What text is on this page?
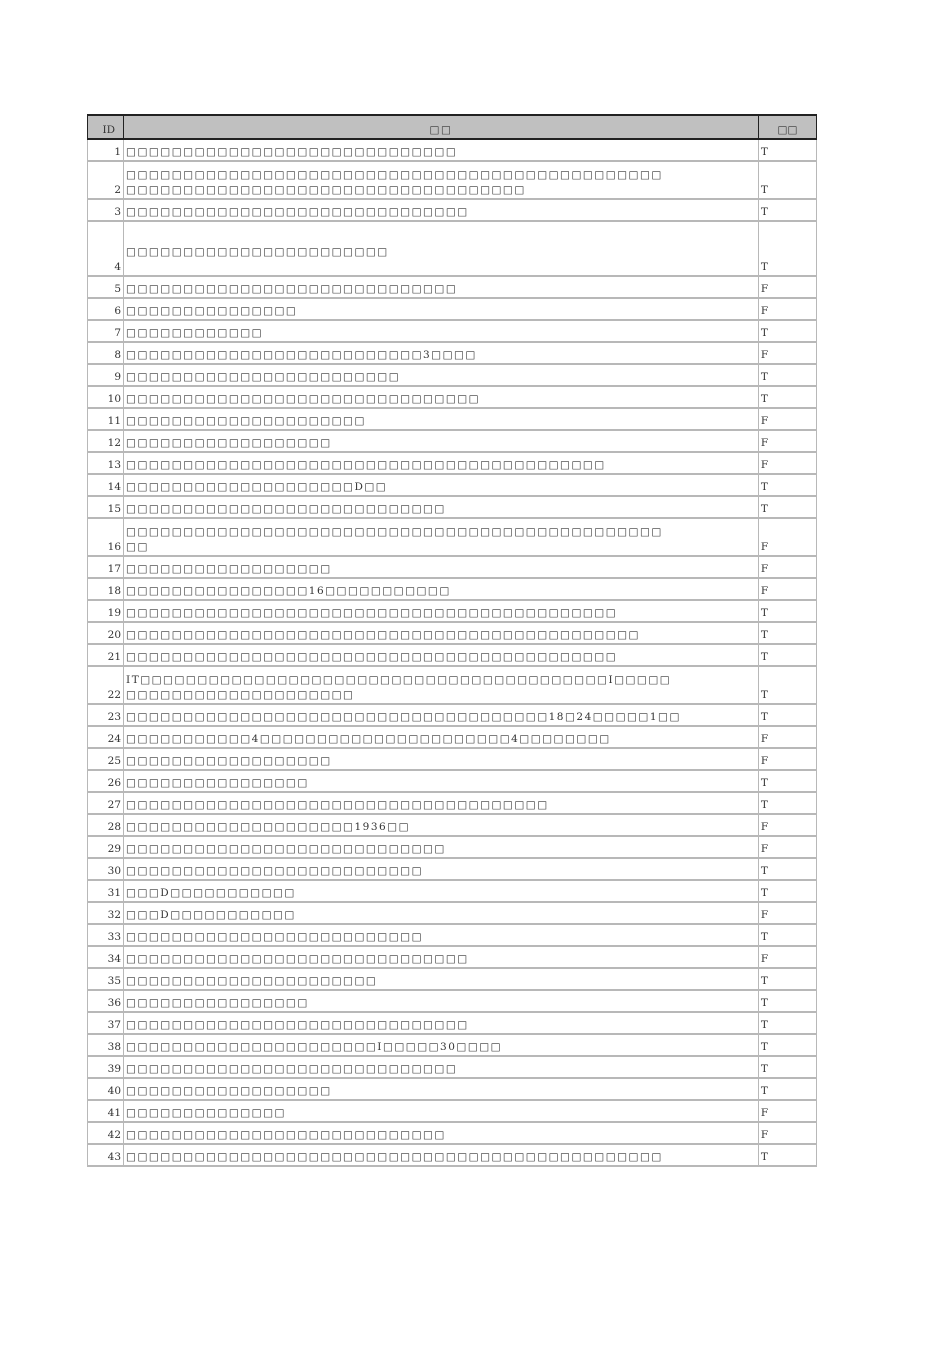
ID	□□	□□
1	□□□□□□□□□□□□□□□□□□□□□□□□□□□□□	T
2	□□□□□□□□□□□□□□□□□□□□□□□□□□□□□□□□□□□□□□□□□□□□□□□
□□□□□□□□□□□□□□□□□□□□□□□□□□□□□□□□□□□	T
3	□□□□□□□□□□□□□□□□□□□□□□□□□□□□□□	T
4	□□□□□□□□□□□□□□□□□□□□□□□	T
5	□□□□□□□□□□□□□□□□□□□□□□□□□□□□□	F
6	□□□□□□□□□□□□□□□	F
7	□□□□□□□□□□□□	T
8	□□□□□□□□□□□□□□□□□□□□□□□□□□3□□□□	F
9	□□□□□□□□□□□□□□□□□□□□□□□□	T
10	□□□□□□□□□□□□□□□□□□□□□□□□□□□□□□□	T
11	□□□□□□□□□□□□□□□□□□□□□	F
12	□□□□□□□□□□□□□□□□□□	F
13	□□□□□□□□□□□□□□□□□□□□□□□□□□□□□□□□□□□□□□□□□□	F
14	□□□□□□□□□□□□□□□□□□□□D□□	T
15	□□□□□□□□□□□□□□□□□□□□□□□□□□□□	T
16	□□□□□□□□□□□□□□□□□□□□□□□□□□□□□□□□□□□□□□□□□□□□□□□
□□	F
17	□□□□□□□□□□□□□□□□□□	F
18	□□□□□□□□□□□□□□□□16□□□□□□□□□□□	F
19	□□□□□□□□□□□□□□□□□□□□□□□□□□□□□□□□□□□□□□□□□□□	T
20	□□□□□□□□□□□□□□□□□□□□□□□□□□□□□□□□□□□□□□□□□□□□□	T
21	□□□□□□□□□□□□□□□□□□□□□□□□□□□□□□□□□□□□□□□□□□□	T
22	IT□□□□□□□□□□□□□□□□□□□□□□□□□□□□□□□□□□□□□□□□□I□□□□□
□□□□□□□□□□□□□□□□□□□□	T
23	□□□□□□□□□□□□□□□□□□□□□□□□□□□□□□□□□□□□□18□24□□□□□1□□	T
24	□□□□□□□□□□□4□□□□□□□□□□□□□□□□□□□□□□4□□□□□□□□	F
25	□□□□□□□□□□□□□□□□□□	F
26	□□□□□□□□□□□□□□□□	T
27	□□□□□□□□□□□□□□□□□□□□□□□□□□□□□□□□□□□□□	T
28	□□□□□□□□□□□□□□□□□□□□1936□□	F
29	□□□□□□□□□□□□□□□□□□□□□□□□□□□□	F
30	□□□□□□□□□□□□□□□□□□□□□□□□□□	T
31	□□□D□□□□□□□□□□□	T
32	□□□D□□□□□□□□□□□	F
33	□□□□□□□□□□□□□□□□□□□□□□□□□□	T
34	□□□□□□□□□□□□□□□□□□□□□□□□□□□□□□	F
35	□□□□□□□□□□□□□□□□□□□□□□	T
36	□□□□□□□□□□□□□□□□	T
37	□□□□□□□□□□□□□□□□□□□□□□□□□□□□□□	T
38	□□□□□□□□□□□□□□□□□□□□□□I□□□□□30□□□□	T
39	□□□□□□□□□□□□□□□□□□□□□□□□□□□□□	T
40	□□□□□□□□□□□□□□□□□□	T
41	□□□□□□□□□□□□□□	F
42	□□□□□□□□□□□□□□□□□□□□□□□□□□□□	F
43	□□□□□□□□□□□□□□□□□□□□□□□□□□□□□□□□□□□□□□□□□□□□□□□	T
